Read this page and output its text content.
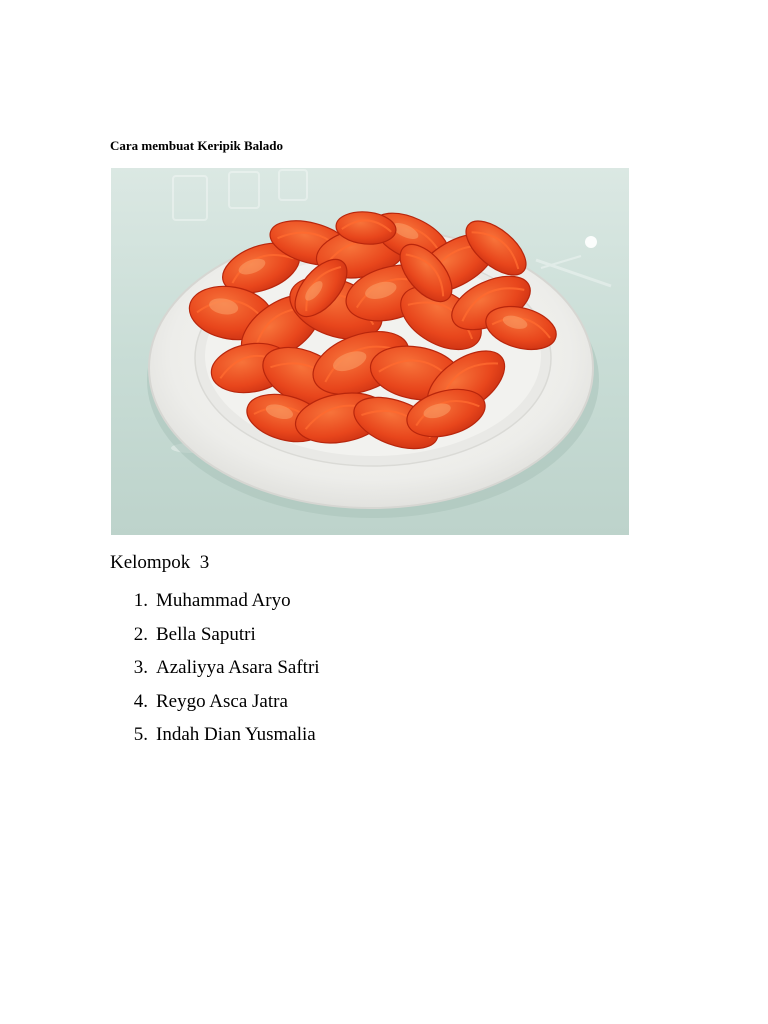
Cara membuat Keripik Balado
Kelompok  3
1. Muhammad Aryo
2. Bella Saputri
3. Azaliyya Asara Saftri
4. Reygo Asca Jatra
5. Indah Dian Yusmalia
